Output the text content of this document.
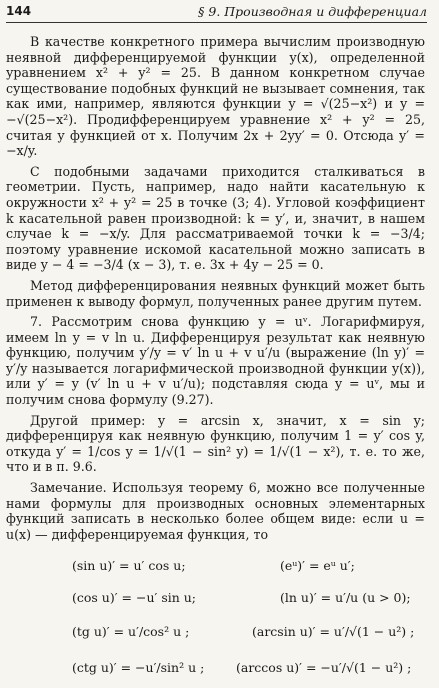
144	§ 9. Производная и дифференциал

В качестве конкретного примера вычислим производную неявной дифференцируемой функции y(x), определенной уравнением x² + y² = 25. В данном конкретном случае существование подобных функций не вызывает сомнения, так как ими, например, являются функции y = √(25−x²) и y = −√(25−x²). Продифференцируем уравнение x² + y² = 25, считая y функцией от x. Получим 2x + 2yy′ = 0. Отсюда y′ = −x/y.

С подобными задачами приходится сталкиваться в геометрии. Пусть, например, надо найти касательную к окружности x² + y² = 25 в точке (3; 4). Угловой коэффициент k касательной равен производной: k = y′, и, значит, в нашем случае k = −x/y. Для рассматриваемой точки k = −3/4; поэтому уравнение искомой касательной можно записать в виде y − 4 = −3/4 (x − 3), т. е. 3x + 4y − 25 = 0.

Метод дифференцирования неявных функций может быть применен к выводу формул, полученных ранее другим путем.

7. Рассмотрим снова функцию y = uᵛ. Логарифмируя, имеем ln y = v ln u. Дифференцируя результат как неявную функцию, получим y′/y = v′ ln u + v u′/u (выражение (ln y)′ = y′/y называется логарифмической производной функции y(x)), или y′ = y (v′ ln u + v u′/u); подставляя сюда y = uᵛ, мы и получим снова формулу (9.27).

Другой пример: y = arcsin x, значит, x = sin y; дифференцируя как неявную функцию, получим 1 = y′ cos y, откуда y′ = 1/cos y = 1/√(1 − sin² y) = 1/√(1 − x²), т. е. то же, что и в п. 9.6.

Замечание. Используя теорему 6, можно все полученные нами формулы для производных основных элементарных функций записать в несколько более общем виде: если u = u(x) — дифференцируемая функция, то

(sin u)′ = u′ cos u;	(eᵘ)′ = eᵘ u′;
(cos u)′ = −u′ sin u;	(ln u)′ = u′/u (u > 0);
(tg u)′ = u′/cos² u ;	(arcsin u)′ = u′/√(1 − u²) ;
(ctg u)′ = −u′/sin² u ;	(arccos u)′ = −u′/√(1 − u²) ;
